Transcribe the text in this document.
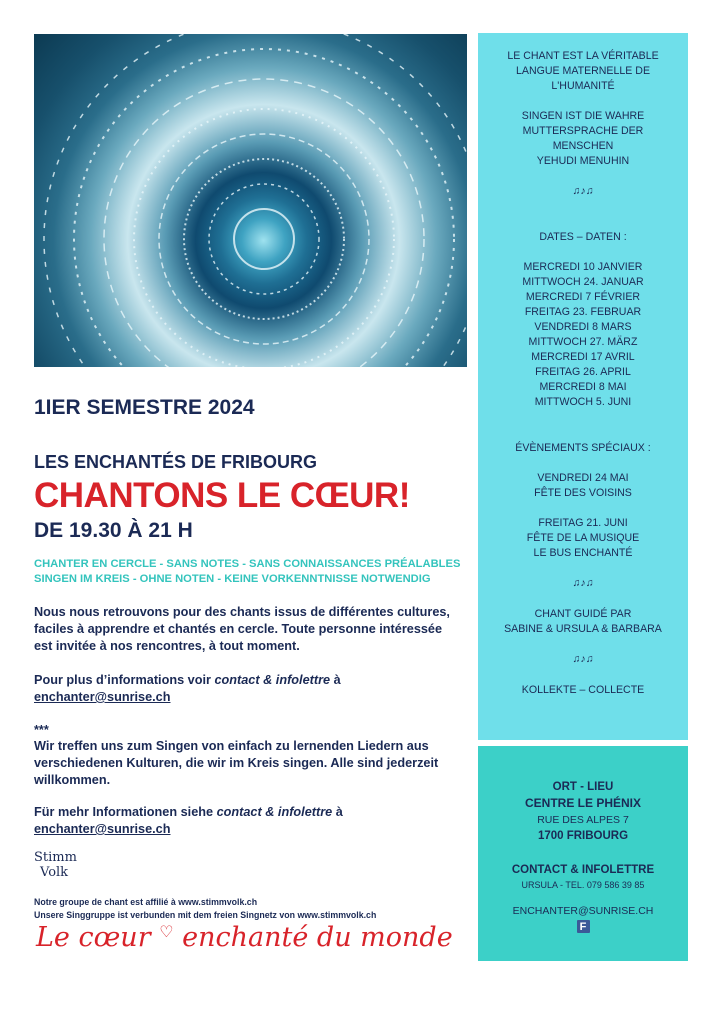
LE CHANT EST LA VÉRITABLE
LANGUE MATERNELLE DE
L'HUMANITÉ
SINGEN IST DIE WAHRE
MUTTERSPRACHE DER
MENSCHEN
YEHUDI MENUHIN
♫♪♫
DATES – DATEN :
MERCREDI 10 JANVIER
MITTWOCH 24. JANUAR
MERCREDI 7 FÉVRIER
FREITAG 23. FEBRUAR
VENDREDI 8 MARS
MITTWOCH 27. MÄRZ
MERCREDI 17 AVRIL
FREITAG 26. APRIL
MERCREDI 8 MAI
MITTWOCH 5. JUNI
ÉVÈNEMENTS SPÉCIAUX :
VENDREDI 24 MAI
FÊTE DES VOISINS
FREITAG 21. JUNI
FÊTE DE LA MUSIQUE
LE BUS ENCHANTÉ
♫♪♫
CHANT GUIDÉ PAR
SABINE & URSULA & BARBARA
♫♪♫
KOLLEKTE – COLLECTE
ORT - LIEU
CENTRE LE PHÉNIX
RUE DES ALPES 7
1700 FRIBOURG
CONTACT & INFOLETTRE
URSULA - TEL. 079 586 39 85
ENCHANTER@SUNRISE.CH
F
1IER SEMESTRE 2024
LES ENCHANTÉS DE FRIBOURG
CHANTONS LE CŒUR!
DE 19.30 À 21 H
CHANTER EN CERCLE - SANS NOTES - SANS CONNAISSANCES PRÉALABLES
SINGEN IM KREIS - OHNE NOTEN - KEINE VORKENNTNISSE NOTWENDIG
Nous nous retrouvons pour des chants issus de différentes cultures,
faciles à apprendre et chantés en cercle. Toute personne intéressée
est invitée à nos rencontres, à tout moment.
Pour plus d’informations voir contact & infolettre à
enchanter@sunrise.ch
***
Wir treffen uns zum Singen von einfach zu lernenden Liedern aus
verschiedenen Kulturen, die wir im Kreis singen. Alle sind jederzeit
willkommen.
Für mehr Informationen siehe contact & infolettre à
enchanter@sunrise.ch
Stimm
Volk
Notre groupe de chant est affilié à www.stimmvolk.ch
Unsere Singgruppe ist verbunden mit dem freien Singnetz von www.stimmvolk.ch
Le cœur ♡ enchanté du monde
